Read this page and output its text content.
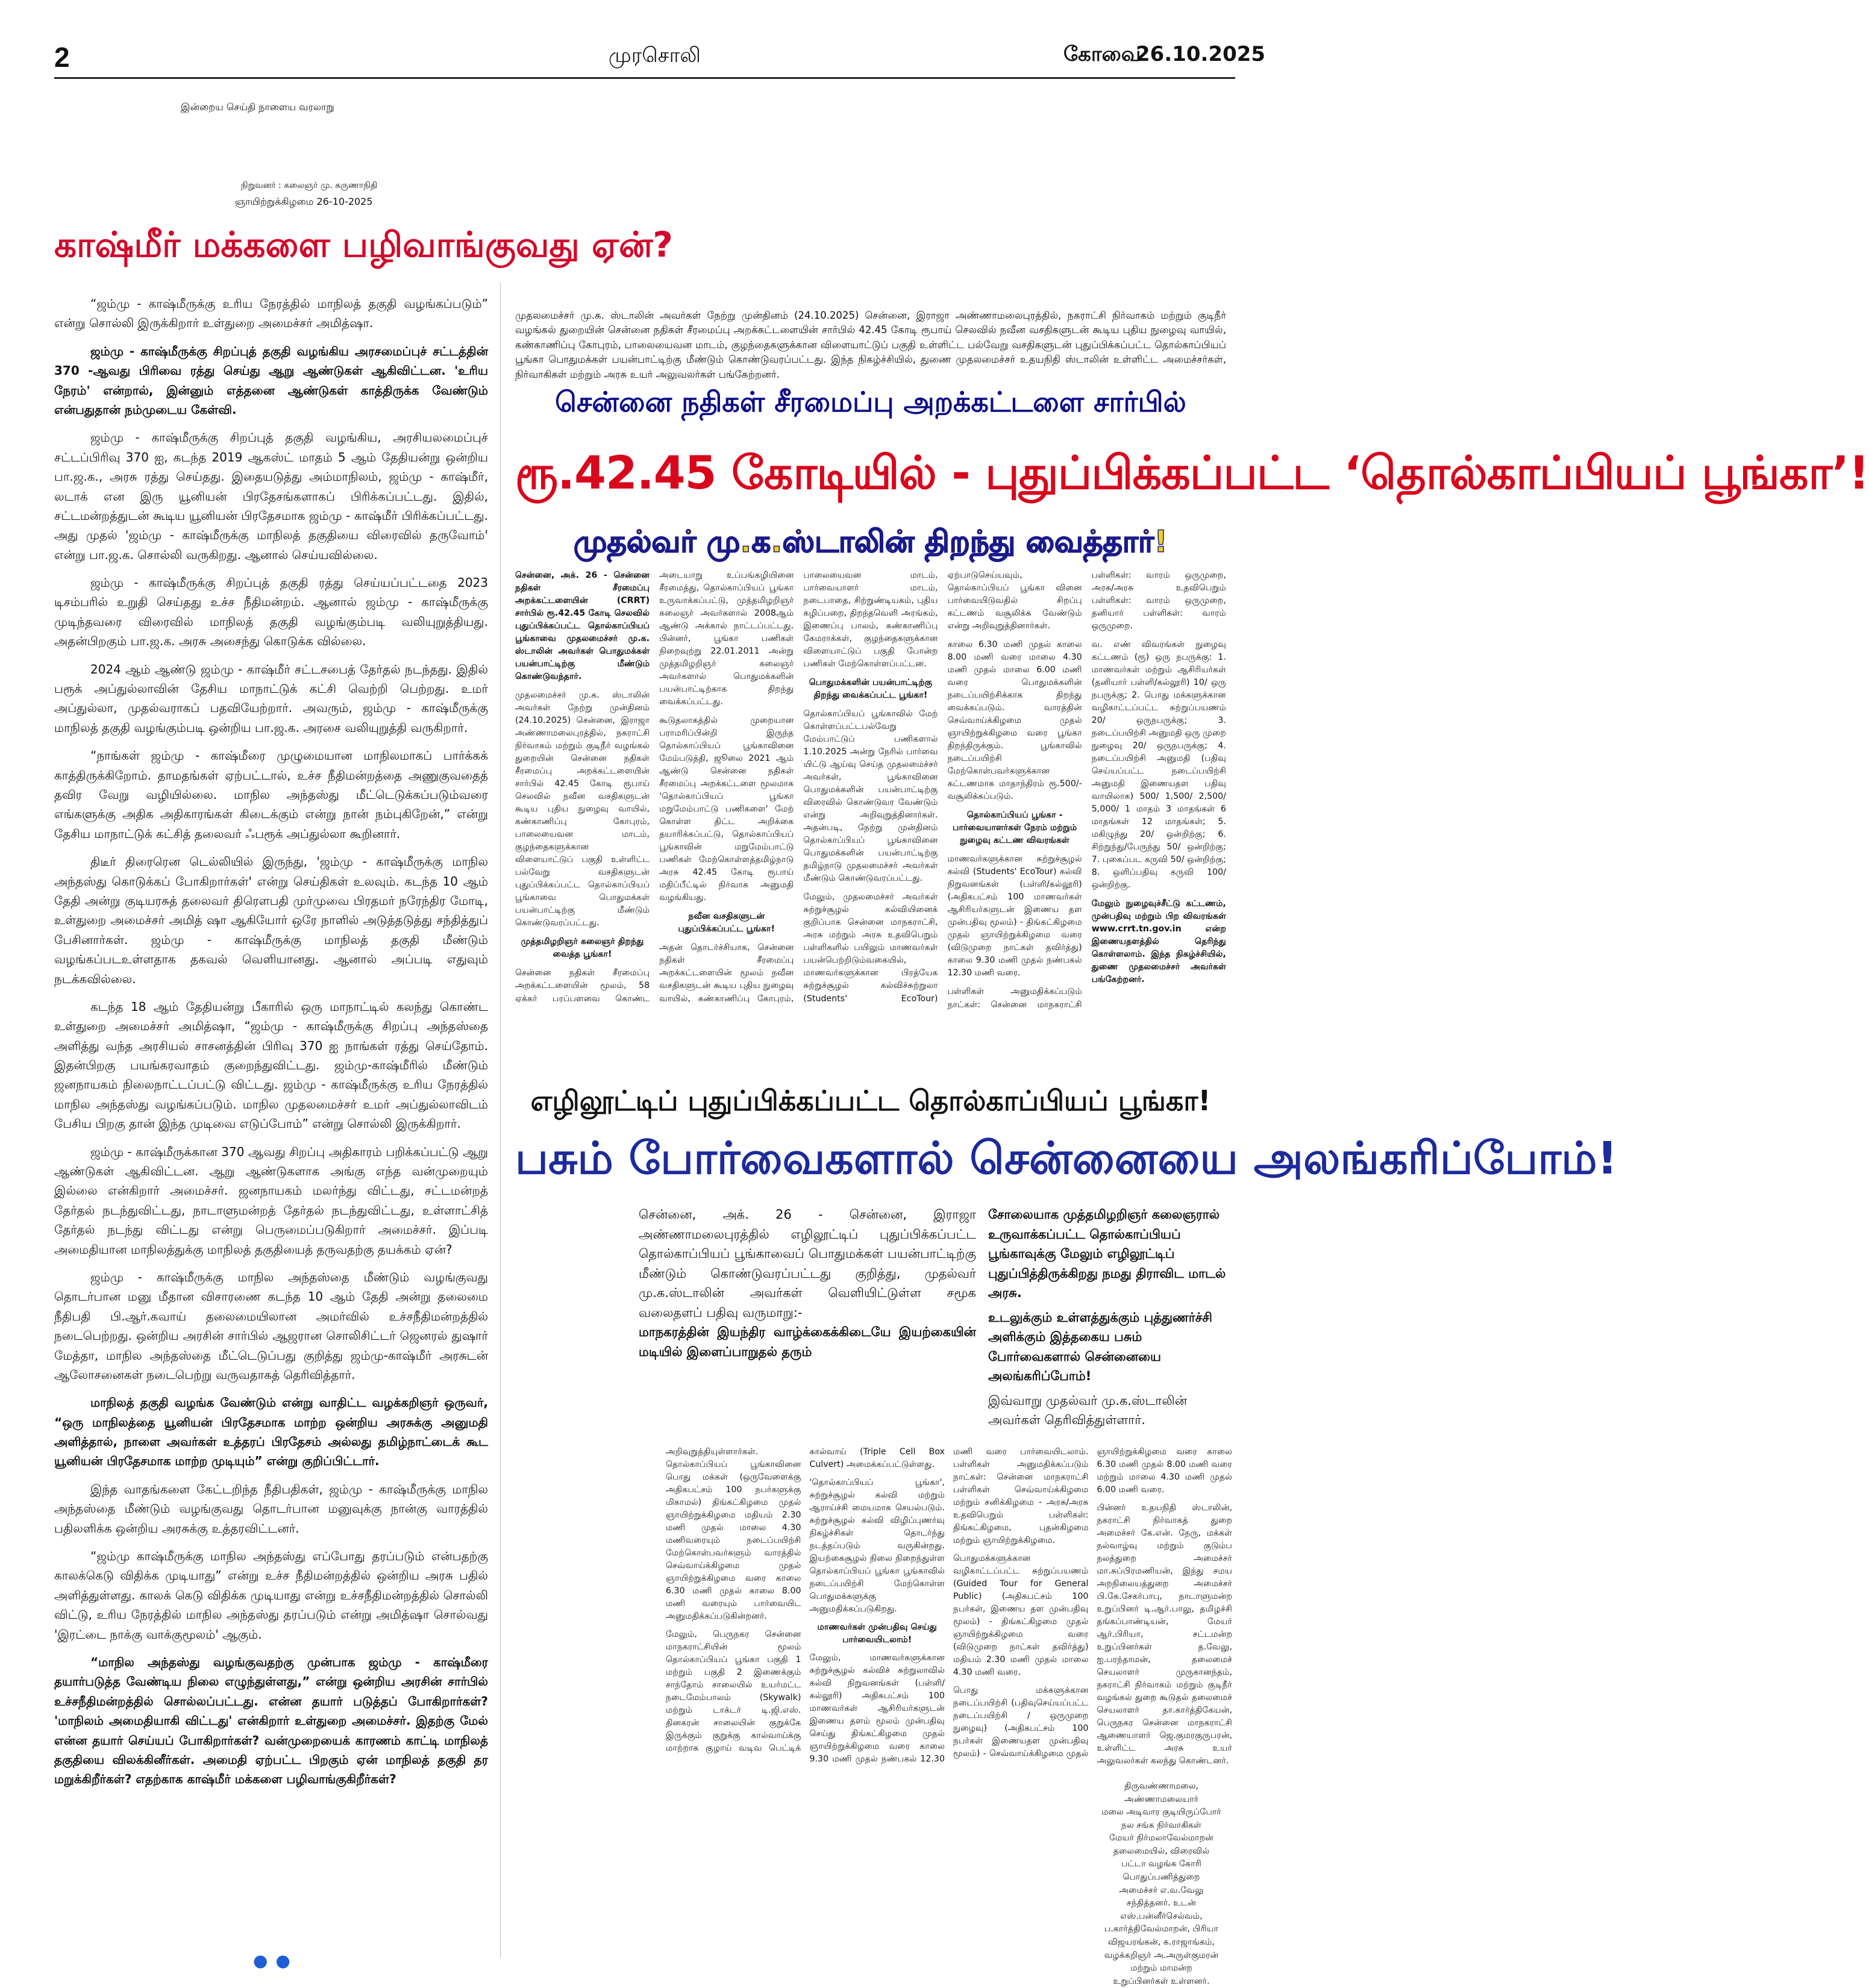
2	முரசொலி	கோவை
26.10.2025
இன்றைய செய்தி நாளைய வரலாறு
நிறுவனர் : கலைஞர் மு. கருணாநிதி
ஞாயிற்றுக்கிழமை 26-10-2025
காஷ்மீர் மக்களை பழிவாங்குவது ஏன்?

“ஜம்மு - காஷ்மீருக்கு உரிய நேரத்தில் மாநிலத் தகுதி வழங்கப்படும்” என்று சொல்லி இருக்கிறார் உள்துறை அமைச்சர் அமித்ஷா.

ஜம்மு - காஷ்மீருக்கு சிறப்புத் தகுதி வழங்கிய அரசமைப்புச் சட்டத்தின் 370 -ஆவது பிரிவை ரத்து செய்து ஆறு ஆண்டுகள் ஆகிவிட்டன. 'உரிய நேரம்' என்றால், இன்னும் எத்தனை ஆண்டுகள் காத்திருக்க வேண்டும் என்பதுதான் நம்முடைய கேள்வி.

ஜம்மு - காஷ்மீருக்கு சிறப்புத் தகுதி வழங்கிய, அரசியலமைப்புச் சட்டப்பிரிவு 370 ஐ, கடந்த 2019 ஆகஸ்ட் மாதம் 5 ஆம் தேதியன்று ஒன்றிய பா.ஜ.க., அரசு ரத்து செய்தது. இதையடுத்து அம்மாநிலம், ஜம்மு - காஷ்மீர், லடாக் என இரு யூனியன் பிரதேசங்களாகப் பிரிக்கப்பட்டது. இதில், சட்டமன்றத்துடன் கூடிய யூனியன் பிரதேசமாக ஜம்மு - காஷ்மீர் பிரிக்கப்பட்டது. அது முதல் 'ஜம்மு - காஷ்மீருக்கு மாநிலத் தகுதியை விரைவில் தருவோம்' என்று பா.ஜ.க. சொல்லி வருகிறது. ஆனால் செய்யவில்லை.

ஜம்மு - காஷ்மீருக்கு சிறப்புத் தகுதி ரத்து செய்யப்பட்டதை 2023 டிசம்பரில் உறுதி செய்தது உச்ச நீதிமன்றம். ஆனால் ஜம்மு - காஷ்மீருக்கு முடிந்தவரை விரைவில் மாநிலத் தகுதி வழங்கும்படி வலியுறுத்தியது. அதன்பிறகும் பா.ஜ.க. அரசு அசைந்து கொடுக்க வில்லை.

2024 ஆம் ஆண்டு ஜம்மு - காஷ்மீர் சட்டசபைத் தேர்தல் நடந்தது. இதில் பரூக் அப்துல்லாவின் தேசிய மாநாட்டுக் கட்சி வெற்றி பெற்றது. உமர் அப்துல்லா, முதல்வராகப் பதவியேற்றார். அவரும், ஜம்மு - காஷ்மீருக்கு மாநிலத் தகுதி வழங்கும்படி ஒன்றிய பா.ஜ.க. அரசை வலியுறுத்தி வருகிறார்.

“நாங்கள் ஜம்மு - காஷ்மீரை முழுமையான மாநிலமாகப் பார்க்கக் காத்திருக்கிறோம். தாமதங்கள் ஏற்பட்டால், உச்ச நீதிமன்றத்தை அணுகுவதைத் தவிர வேறு வழியில்லை. மாநில அந்தஸ்து மீட்டெடுக்கப்படும்வரை எங்களுக்கு அதிக அதிகாரங்கள் கிடைக்கும் என்று நான் நம்புகிறேன்,” என்று தேசிய மாநாட்டுக் கட்சித் தலைவர் ஃபரூக் அப்துல்லா கூறினார்.

திடீர் திரைரென டெல்லியில் இருந்து, 'ஜம்மு - காஷ்மீருக்கு மாநில அந்தஸ்து கொடுக்கப் போகிறார்கள்' என்று செய்திகள் உலவும். கடந்த 10 ஆம் தேதி அன்று குடியரசுத் தலைவர் திரௌபதி முர்முவை பிரதமர் நரேந்திர மோடி, உள்துறை அமைச்சர் அமித் ஷா ஆகியோர் ஒரே நாளில் அடுத்தடுத்து சந்தித்துப் பேசினார்கள். ஜம்மு - காஷ்மீருக்கு மாநிலத் தகுதி மீண்டும் வழங்கப்படஉள்ளதாக தகவல் வெளியானது. ஆனால் அப்படி எதுவும் நடக்கவில்லை.

கடந்த 18 ஆம் தேதியன்று பீகாரில் ஒரு மாநாட்டில் கலந்து கொண்ட உள்துறை அமைச்சர் அமித்ஷா, “ஜம்மு - காஷ்மீருக்கு சிறப்பு அந்தஸ்தை அளித்து வந்த அரசியல் சாசனத்தின் பிரிவு 370 ஐ நாங்கள் ரத்து செய்தோம். இதன்பிறகு பயங்கரவாதம் குறைந்துவிட்டது. ஜம்மு-காஷ்மீரில் மீண்டும் ஜனநாயகம் நிலைநாட்டப்பட்டு விட்டது. ஜம்மு - காஷ்மீருக்கு உரிய நேரத்தில் மாநில அந்தஸ்து வழங்கப்படும். மாநில முதலமைச்சர் உமர் அப்துல்லாவிடம் பேசிய பிறகு தான் இந்த முடிவை எடுப்போம்” என்று சொல்லி இருக்கிறார்.

ஜம்மு - காஷ்மீருக்கான 370 ஆவது சிறப்பு அதிகாரம் பறிக்கப்பட்டு ஆறு ஆண்டுகள் ஆகிவிட்டன. ஆறு ஆண்டுகளாக அங்கு எந்த வன்முறையும் இல்லை என்கிறார் அமைச்சர். ஜனநாயகம் மலர்ந்து விட்டது, சட்டமன்றத் தேர்தல் நடந்துவிட்டது, நாடாளுமன்றத் தேர்தல் நடந்துவிட்டது, உள்ளாட்சித் தேர்தல் நடந்து விட்டது என்று பெருமைப்படுகிறார் அமைச்சர். இப்படி அமைதியான மாநிலத்துக்கு மாநிலத் தகுதியைத் தருவதற்கு தயக்கம் ஏன்?

ஜம்மு - காஷ்மீருக்கு மாநில அந்தஸ்தை மீண்டும் வழங்குவது தொடர்பான மனு மீதான விசாரணை கடந்த 10 ஆம் தேதி அன்று தலைமை நீதிபதி பி.ஆர்.கவாய் தலைமையிலான அமர்வில் உச்சநீதிமன்றத்தில் நடைபெற்றது. ஒன்றிய அரசின் சார்பில் ஆஜரான சொலிசிட்டர் ஜெனரல் துஷார் மேத்தா, மாநில அந்தஸ்தை மீட்டெடுப்பது குறித்து ஜம்மு-காஷ்மீர் அரசுடன் ஆலோசனைகள் நடைபெற்று வருவதாகத் தெரிவித்தார்.

மாநிலத் தகுதி வழங்க வேண்டும் என்று வாதிட்ட வழக்கறிஞர் ஒருவர், “ஒரு மாநிலத்தை யூனியன் பிரதேசமாக மாற்ற ஒன்றிய அரசுக்கு அனுமதி அளித்தால், நாளை அவர்கள் உத்தரப் பிரதேசம் அல்லது தமிழ்நாட்டைக் கூட யூனியன் பிரதேசமாக மாற்ற முடியும்” என்று குறிப்பிட்டார்.

இந்த வாதங்களை கேட்டறிந்த நீதிபதிகள், ஜம்மு - காஷ்மீருக்கு மாநில அந்தஸ்தை மீண்டும் வழங்குவது தொடர்பான மனுவுக்கு நான்கு வாரத்தில் பதிலளிக்க ஒன்றிய அரசுக்கு உத்தரவிட்டனர்.

“ஜம்மு காஷ்மீருக்கு மாநில அந்தஸ்து எப்போது தரப்படும் என்பதற்கு காலக்கெடு விதிக்க முடியாது” என்று உச்ச நீதிமன்றத்தில் ஒன்றிய அரசு பதில் அளித்துள்ளது. காலக் கெடு விதிக்க முடியாது என்று உச்சநீதிமன்றத்தில் சொல்லி விட்டு, உரிய நேரத்தில் மாநில அந்தஸ்து தரப்படும் என்று அமித்ஷா சொல்வது 'இரட்டை நாக்கு வாக்குமூலம்' ஆகும்.

“மாநில அந்தஸ்து வழங்குவதற்கு முன்பாக ஜம்மு - காஷ்மீரை தயார்படுத்த வேண்டிய நிலை எழுந்துள்ளது,” என்று ஒன்றிய அரசின் சார்பில் உச்சநீதிமன்றத்தில் சொல்லப்பட்டது. என்ன தயார் படுத்தப் போகிறார்கள்? 'மாநிலம் அமைதியாகி விட்டது' என்கிறார் உள்துறை அமைச்சர். இதற்கு மேல் என்ன தயார் செய்யப் போகிறார்கள்? வன்முறையைக் காரணம் காட்டி மாநிலத் தகுதியை விலக்கினீர்கள். அமைதி ஏற்பட்ட பிறகும் ஏன் மாநிலத் தகுதி தர மறுக்கிறீர்கள்? எதற்காக காஷ்மீர் மக்களை பழிவாங்குகிறீர்கள்?

● ●
முதலமைச்சர் மு.க. ஸ்டாலின் அவர்கள் நேற்று முன்தினம் (24.10.2025) சென்னை, இராஜா அண்ணாமலைபுரத்தில், நகராட்சி நிர்வாகம் மற்றும் குடிநீர் வழங்கல் துறையின் சென்னை நதிகள் சீரமைப்பு அறக்கட்டளையின் சார்பில் 42.45 கோடி ரூபாய் செலவில் நவீன வசதிகளுடன் கூடிய புதிய நுழைவு வாயில், கண்காணிப்பு கோபுரம், பாலையைவன மாடம், குழந்தைகளுக்கான விளையாட்டுப் பகுதி உள்ளிட்ட பல்வேறு வசதிகளுடன் புதுப்பிக்கப்பட்ட தொல்காப்பியப் பூங்கா பொதுமக்கள் பயன்பாட்டிற்கு மீண்டும் கொண்டுவரப்பட்டது. இந்த நிகழ்ச்சியில், துணை முதலமைச்சர் உதயநிதி ஸ்டாலின் உள்ளிட்ட அமைச்சர்கள், நிர்வாகிகள் மற்றும் அரசு உயர் அலுவலர்கள் பங்கேற்றனர்.
சென்னை நதிகள் சீரமைப்பு அறக்கட்டளை சார்பில்
ரூ.42.45 கோடியில் - புதுப்பிக்கப்பட்ட ‘தொல்காப்பியப் பூங்கா’!
முதல்வர் மு.க.ஸ்டாலின் திறந்து வைத்தார்!

சென்னை, அக். 26 - சென்னை நதிகள் சீரமைப்பு அறக்கட்டளையின் (CRRT) சார்பில் ரூ.42.45 கோடி செலவில் புதுப்பிக்கப்பட்ட தொல்காப்பியப் பூங்காவை முதலமைச்சர் மு.க. ஸ்டாலின் அவர்கள் பொதுமக்கள் பயன்பாட்டிற்கு மீண்டும் கொண்டுவந்தார்.

முதலமைச்சர் மு.க. ஸ்டாலின் அவர்கள் நேற்று முன்தினம் (24.10.2025) சென்னை, இராஜா அண்ணாமலைபுரத்தில், நகராட்சி நிர்வாகம் மற்றும் குடிநீர் வழங்கல் துறையின் சென்னை நதிகள் சீரமைப்பு அறக்கட்டளையின் சார்பில் 42.45 கோடி ரூபாய் செலவில் நவீன வசதிகளுடன் கூடிய புதிய நுழைவு வாயில், கண்காணிப்பு கோபுரம், பாலையைவன மாடம், குழந்தைகளுக்கான விளையாட்டுப் பகுதி உள்ளிட்ட பல்வேறு வசதிகளுடன் புதுப்பிக்கப்பட்ட தொல்காப்பியப் பூங்காவை பொதுமக்கள் பயன்பாட்டிற்கு மீண்டும் கொண்டுவரப்பட்டது.

முத்தமிழறிஞர் கலைஞர் திறந்து வைத்த பூங்கா!

சென்னை நதிகள் சீரமைப்பு அறக்கட்டளையின் மூலம், 58 ஏக்கர் பரப்பளவை கொண்ட அடையாறு உப்பங்கழியினை சீரமைத்து, தொல்காப்பியப் பூங்கா உருவாக்கப்பட்டு, முத்தமிழறிஞர் கலைஞர் அவர்களால் 2008ஆம் ஆண்டு அக்கால் நாட்டப்பட்டது. பின்னர், பூங்கா பணிகள் நிறைவுற்று 22.01.2011 அன்று முத்தமிழறிஞர் கலைஞர் அவர்களால் பொதுமக்களின் பயன்பாட்டிற்காக திறந்து வைக்கப்பட்டது.

கூடுதலாகத்தில் முறையான பராமரிப்பின்றி இருந்த தொல்காப்பியப் பூங்காவினை மேம்படுத்தி, ஜூலை 2021 ஆம் ஆண்டு சென்னை நதிகள் சீரமைப்பு அறக்கட்டளை மூலமாக 'தொல்காப்பியப் பூங்கா மறுமேம்பாட்டு பணிகளை' மேற் கொள்ள திட்ட அறிக்கை தயாரிக்கப்பட்டு, தொல்காப்பியப் பூங்காவின் மறுமேம்பாட்டு பணிகள் மேற்கொள்ளத்தமிழ்நாடு அரசு 42.45 கோடி ரூபாய் மதிப்பீட்டில் நிர்வாக அனுமதி வழங்கியது.

நவீன வசதிகளுடன் புதுப்பிக்கப்பட்ட பூங்கா!

அதன் தொடர்ச்சியாக, சென்னை நதிகள் சீரமைப்பு அறக்கட்டளையின் மூலம் நவீன வசதிகளுடன் கூடிய புதிய நுழைவு வாயில், கண்காணிப்பு கோபுரம், பாலையைவன மாடம், பார்வையாளர் மாடம், நடைபாதை, சிற்றுண்டியகம், புதிய கழிப்பறை, திறந்தவெளி அரங்கம், இணைப்பு பாலம், கண்காணிப்பு கேமராக்கள், குழந்தைகளுக்கான விளையாட்டுப் பகுதி போன்ற பணிகள் மேற்கொள்ளப்பட்டன.

பொதுமக்களின் பயன்பாட்டிற்கு திறந்து வைக்கப்பட்ட பூங்கா!

தொல்காப்பியப் பூங்காவில் மேற் கொள்ளப்பட்டபல்வேறு மேம்பாட்டுப் பணிகளால் 1.10.2025 அன்று நேரில் பார்வை யிட்டு ஆய்வு செய்த முதலமைச்சர் அவர்கள், பூங்காவினை பொதுமக்களின் பயன்பாட்டிற்கு விரைவில் கொண்டுவர வேண்டும் என்று அறிவுறுத்தினார்கள். அதன்படி, நேற்று முன்தினம் தொல்காப்பியப் பூங்காவினை பொதுமக்களின் பயன்பாட்டிற்கு தமிழ்நாடு முதலமைச்சர் அவர்கள் மீண்டும் கொண்டுவரப்பட்டது.

மேலும், முதலமைச்சர் அவர்கள் சுற்றுச்சூழல் கல்வியினைக் குறிப்பாக சென்னை மாநகராட்சி, அரசு மற்றும் அரசு உதவிபெறும் பள்ளிகளில் பயிலும் மாணவர்கள் பயன்பெற்றிடும்வகையில், மாணவர்களுக்கான பிரத்யேக சுற்றுச்சூழல் கல்விச்சுற்றுலா (Students' EcoTour) ஏற்பாடுசெய்யவும், தொல்காப்பியப் பூங்கா வினை பார்வையிடுவதில் சிறப்பு கட்டணம் வசூலிக்க வேண்டும் என்று அறிவுறுத்தினார்கள்.

காலை 6.30 மணி முதல் காலை 8.00 மணி வரை மாலை 4.30 மணி முதல் மாலை 6.00 மணி வரை பொதுமக்களின் நடைப்பயிற்சிக்காக திறந்து வைக்கப்படும். வாரத்தின் செவ்வாய்க்கிழமை முதல் ஞாயிற்றுக்கிழமை வரை பூங்கா திறந்திருக்கும். பூங்காவில் நடைப்பயிற்சி மேற்கொள்பவர்களுக்கான கட்டணமாக மாதாந்திரம் ரூ.500/- வசூலிக்கப்படும்.

தொல்காப்பியப் பூங்கா - பார்வையாளர்கள் நேரம் மற்றும் நுழைவு கட்டண விவரங்கள்

மாணவர்களுக்கான சுற்றுச்சூழல் கல்வி (Students' EcoTour) கல்வி நிறுவனங்கள் (பள்ளி/கல்லூரி) (அதிகபட்சம் 100 மாணவர்கள் ஆசிரியர்களுடன் இணைய தள முன்பதிவு மூலம்) - திங்கட்கிழமை முதல் ஞாயிற்றுக்கிழமை வரை (விடுமுறை நாட்கள் தவிர்த்து) காலை 9.30 மணி முதல் நண்பகல் 12.30 மணி வரை.

பள்ளிகள் அனுமதிக்கப்படும் நாட்கள்: சென்னை மாநகராட்சி பள்ளிகள்: வாரம் ஒருமுறை, அரசு/அரசு உதவிபெறும் பள்ளிகள்: வாரம் ஒருமுறை, தனியார் பள்ளிகள்: வாரம் ஒருமுறை.

வ. எண் விவரங்கள் நுழைவு கட்டணம் (ரூ) ஒரு நபருக்கு: 1. மாணவர்கள் மற்றும் ஆசிரியர்கள் (தனியார் பள்ளி/கல்லூரி) 10/ ஒரு நபருக்கு; 2. பொது மக்களுக்கான வழிகாட்டப்பட்ட சுற்றுப்பயணம் 20/ ஒருநபருக்கு; 3. நடைப்பயிற்சி அனுமதி ஒரு முறை நுழைவு 20/ ஒருநபருக்கு; 4. நடைப்பயிற்சி அனுமதி (பதிவு செய்யப்பட்ட நடைப்பயிற்சி அனுமதி இணையதள பதிவு வாயிலாக) 500/ 1,500/ 2,500/ 5,000/ 1 மாதம் 3 மாதங்கள் 6 மாதங்கள் 12 மாதங்கள்; 5. மகிழுந்து 20/ ஒன்றிற்கு; 6. சிற்றுந்து/பேருந்து 50/ ஒன்றிற்கு; 7. புகைப்பட கருவி 50/ ஒன்றிற்கு; 8. ஒளிப்பதிவு கருவி 100/ ஒன்றிற்கு.

மேலும் நுழைவுச்சீட்டு கட்டணம், முன்பதிவு மற்றும் பிற விவரங்கள் www.crrt.tn.gov.in என்ற இணையதளத்தில் தெரிந்து கொள்ளலாம். இந்த நிகழ்ச்சியில், துணை முதலமைச்சர் அவர்கள் பங்கேற்றனர்.

எழிலூட்டிப் புதுப்பிக்கப்பட்ட தொல்காப்பியப் பூங்கா!
பசும் போர்வைகளால் சென்னையை அலங்கரிப்போம்!

சென்னை, அக். 26 - சென்னை, இராஜா அண்ணாமலைபுரத்தில் எழிலூட்டிப் புதுப்பிக்கப்பட்ட தொல்காப்பியப் பூங்காவைப் பொதுமக்கள் பயன்பாட்டிற்கு மீண்டும் கொண்டுவரப்பட்டது குறித்து, முதல்வர் மு.க.ஸ்டாலின் அவர்கள் வெளியிட்டுள்ள சமூக வலைதளப் பதிவு வருமாறு:-

மாநகரத்தின் இயந்திர வாழ்க்கைக்கிடையே இயற்கையின் மடியில் இளைப்பாறுதல் தரும்

சோலையாக முத்தமிழறிஞர் கலைஞரால் உருவாக்கப்பட்ட தொல்காப்பியப் பூங்காவுக்கு மேலும் எழிலூட்டிப் புதுப்பித்திருக்கிறது நமது திராவிட மாடல் அரசு.

உடலுக்கும் உள்ளத்துக்கும் புத்துணர்ச்சி அளிக்கும் இத்தகைய பசும் போர்வைகளால் சென்னையை அலங்கரிப்போம்!

இவ்வாறு முதல்வர் மு.க.ஸ்டாலின் அவர்கள் தெரிவித்துள்ளார்.

அறிவுறுத்தியுள்ளார்கள். தொல்காப்பியப் பூங்காவினை பொது மக்கள் (ஒருவேளைக்கு அதிகபட்சம் 100 நபர்களுக்கு மிகாமல்) திங்கட்கிழமை முதல் ஞாயிற்றுக்கிழமை மதியம் 2.30 மணி முதல் மாலை 4.30 மணிவரையும் நடைப்பயிற்சி மேற்கொள்பவர்களும் வாரத்தில் செவ்வாய்க்கிழமை முதல் ஞாயிற்றுக்கிழமை வரை காலை 6.30 மணி முதல் காலை 8.00 மணி வரையும் பார்வையிட அனுமதிக்கப்படுகின்றனர்.

மேலும், பெருநகர சென்னை மாநகராட்சியின் மூலம் தொல்காப்பியப் பூங்கா பகுதி 1 மற்றும் பகுதி 2 இணைக்கும் சாந்தோம் சாலையில் உயர்மட்ட நடைமேம்பாலம் (Skywalk) மற்றும் டாக்டர் டி.ஜி.எஸ். தினகரன் சாலையின் குறுக்கே இருக்கும் குறுக்கு கால்வாய்க்கு மாற்றாக குழாய் வடிவ பெட்டிக் கால்வாய் (Triple Cell Box Culvert) அமைக்கப்பட்டுள்ளது.

'தொல்காப்பியப் பூங்கா', சுற்றுச்சூழல் கல்வி மற்றும் ஆராய்ச்சி மையமாக செயல்படும். சுற்றுச்சூழல் கல்வி விழிப்புணர்வு நிகழ்ச்சிகள் தொடர்ந்து நடத்தப்படும் வருகின்றது. இயற்கைசூழல் நிலை நிறைந்துள்ள தொல்காப்பியப் பூங்கா பூங்காவில் நடைப்பயிற்சி மேற்கொள்ள பொதுமக்களுக்கு அனுமதிக்கப்படுகிறது.

மாணவர்கள் முன்பதிவு செய்து பார்வையிடலாம்!

மேலும், மாணவர்களுக்கான சுற்றுச்சூழல் கல்விச் சுற்றுலாவில் கல்வி நிறுவனங்கள் (பள்ளி/கல்லூரி) அதிகபட்சம் 100 மாணவர்கள் ஆசிரியர்களுடன் இணைய தளம் மூலம் முன்பதிவு செய்து திங்கட்கிழமை முதல் ஞாயிற்றுக்கிழமை வரை காலை 9.30 மணி முதல் நண்பகல் 12.30 மணி வரை பார்வையிடலாம். பள்ளிகள் அனுமதிக்கப்படும் நாட்கள்: சென்னை மாநகராட்சி பள்ளிகள் செவ்வாய்க்கிழமை மற்றும் சனிக்கிழமை - அரசு/அரசு உதவிபெறும் பள்ளிகள்: திங்கட்கிழமை, புதன்கிழமை மற்றும் ஞாயிற்றுக்கிழமை.

பொதுமக்களுக்கான வழிகாட்டப்பட்ட சுற்றுப்பயணம் (Guided Tour for General Public) (அதிகபட்சம் 100 நபர்கள், இணைய தள முன்பதிவு மூலம்) - திங்கட்கிழமை முதல் ஞாயிற்றுக்கிழமை வரை (விடுமுறை நாட்கள் தவிர்த்து) மதியம் 2.30 மணி முதல் மாலை 4.30 மணி வரை.

பொது மக்களுக்கான நடைப்பயிற்சி (பதிவுசெய்யப்பட்ட நடைப்பயிற்சி / ஒருமுறை நுழைவு) (அதிகபட்சம் 100 நபர்கள் இணையதள முன்பதிவு மூலம்) - செவ்வாய்க்கிழமை முதல் ஞாயிற்றுக்கிழமை வரை காலை 6.30 மணி முதல் 8.00 மணி வரை மற்றும் மாலை 4.30 மணி முதல் 6.00 மணி வரை.

பின்னர் உதயநிதி ஸ்டாலின், நகராட்சி நிர்வாகத் துறை அமைச்சர் கே.என். நேரு, மக்கள் நல்வாழ்வு மற்றும் குடும்ப நலத்துறை அமைச்சர் மா.சுப்பிரமணியன், இந்து சமய அறநிலையத்துறை அமைச்சர் பி.கே.சேகர்பாபு, நாடாளுமன்ற உறுப்பினர் டி.ஆர்.பாலு, தமிழச்சி தங்கப்பாண்டியன், மேயர் ஆர்.பிரியா, சட்டமன்ற உறுப்பினர்கள் த.வேலு, ஐ.பரந்தாமன், தலைமைச் செயலாளர் முருகானந்தம், நகராட்சி நிர்வாகம் மற்றும் குடிநீர் வழங்கல் துறை கூடுதல் தலைமைச் செயலாளர் தா.கார்த்திகேயன், பெருநகர சென்னை மாநகராட்சி ஆணையாளர் ஜெ.குமரகுருபரன், உள்ளிட்ட அரசு உயர் அலுவலர்கள் கலந்து கொண்டனர்.

திருவண்ணாமலை,

அண்ணாமலையார்

மலை அடிவார குடியிருப்போர்

நல சங்க நிர்வாகிகள்

மேயர் நிர்மலாவேல்மாறன்

தலைமையில், விரைவில்

பட்டா வழங்க கோரி

பொதுப்பணித்துறை

அமைச்சர் எ.வ.வேலு

சந்தித்தனர். உடன்

எஸ்.பன்னீர்செல்வம்,

ப.கார்த்திவேல்மாறன், பிரியா

விஜயரங்கன், க.ராஜாங்கம்,

வழக்கறிஞர் அ.அருள்குமரன்

மற்றும் மாமன்ற

உறுப்பினர்கள் உள்ளனர்.
